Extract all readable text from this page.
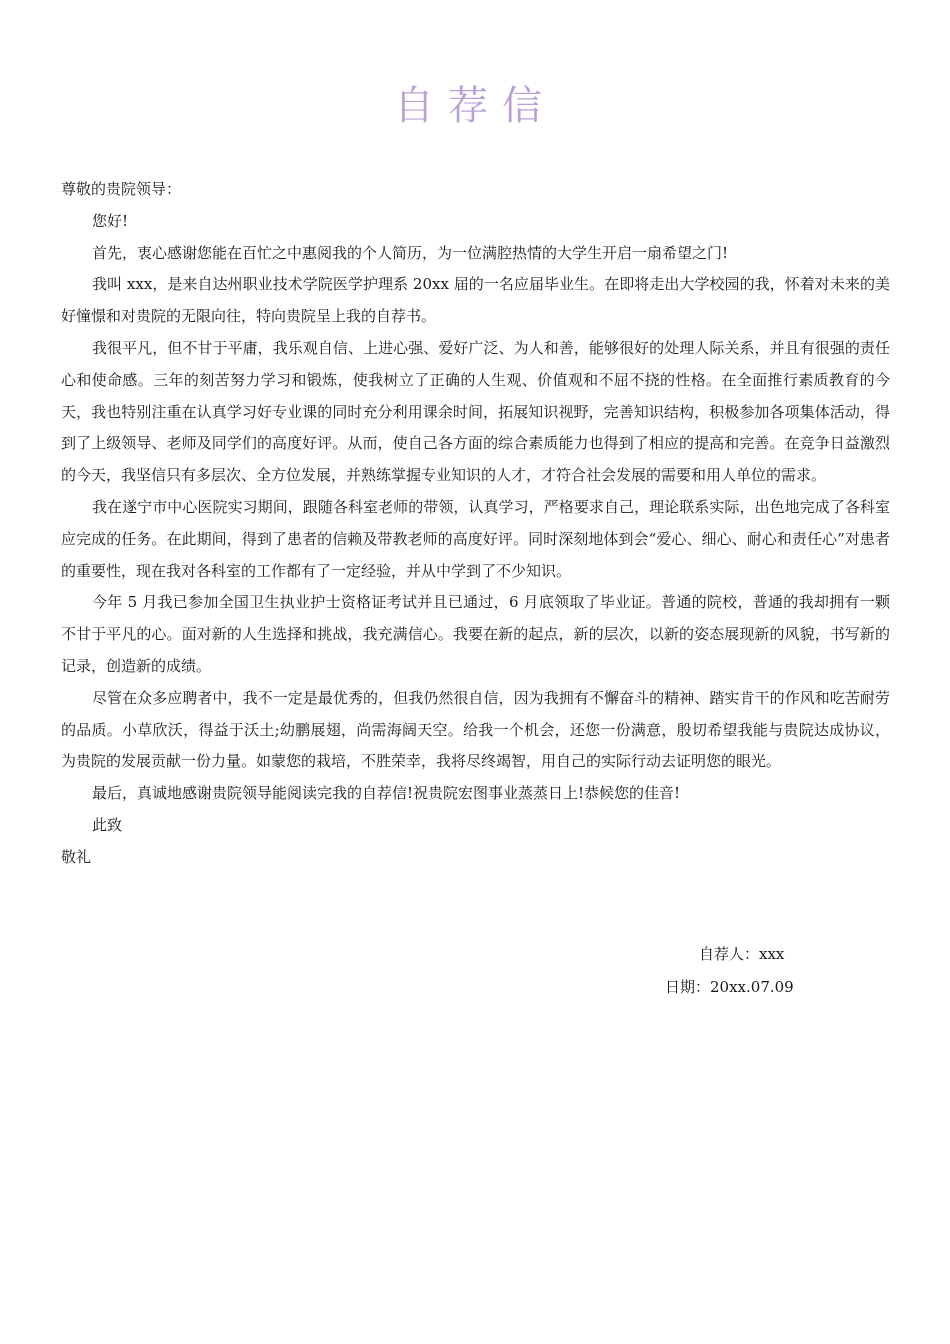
自荐信

尊敬的贵院领导：

您好!

首先，衷心感谢您能在百忙之中惠阅我的个人简历，为一位满腔热情的大学生开启一扇希望之门!

我叫 xxx，是来自达州职业技术学院医学护理系 20xx 届的一名应届毕业生。在即将走出大学校园的我，怀着对未来的美好憧憬和对贵院的无限向往，特向贵院呈上我的自荐书。

我很平凡，但不甘于平庸，我乐观自信、上进心强、爱好广泛、为人和善，能够很好的处理人际关系，并且有很强的责任心和使命感。三年的刻苦努力学习和锻炼，使我树立了正确的人生观、价值观和不屈不挠的性格。在全面推行素质教育的今天，我也特别注重在认真学习好专业课的同时充分利用课余时间，拓展知识视野，完善知识结构，积极参加各项集体活动，得到了上级领导、老师及同学们的高度好评。从而，使自己各方面的综合素质能力也得到了相应的提高和完善。在竞争日益激烈的今天，我坚信只有多层次、全方位发展，并熟练掌握专业知识的人才，才符合社会发展的需要和用人单位的需求。

我在遂宁市中心医院实习期间，跟随各科室老师的带领，认真学习，严格要求自己，理论联系实际，出色地完成了各科室应完成的任务。在此期间，得到了患者的信赖及带教老师的高度好评。同时深刻地体到会“爱心、细心、耐心和责任心”对患者的重要性，现在我对各科室的工作都有了一定经验，并从中学到了不少知识。

今年 5 月我已参加全国卫生执业护士资格证考试并且已通过，6 月底领取了毕业证。普通的院校，普通的我却拥有一颗不甘于平凡的心。面对新的人生选择和挑战，我充满信心。我要在新的起点，新的层次，以新的姿态展现新的风貌，书写新的记录，创造新的成绩。

尽管在众多应聘者中，我不一定是最优秀的，但我仍然很自信，因为我拥有不懈奋斗的精神、踏实肯干的作风和吃苦耐劳的品质。小草欣沃，得益于沃土;幼鹏展翅，尚需海阔天空。给我一个机会，还您一份满意，殷切希望我能与贵院达成协议，为贵院的发展贡献一份力量。如蒙您的栽培，不胜荣幸，我将尽终竭智，用自己的实际行动去证明您的眼光。

最后，真诚地感谢贵院领导能阅读完我的自荐信!祝贵院宏图事业蒸蒸日上!恭候您的佳音!

此致

敬礼

自荐人：xxx
日期：20xx.07.09
